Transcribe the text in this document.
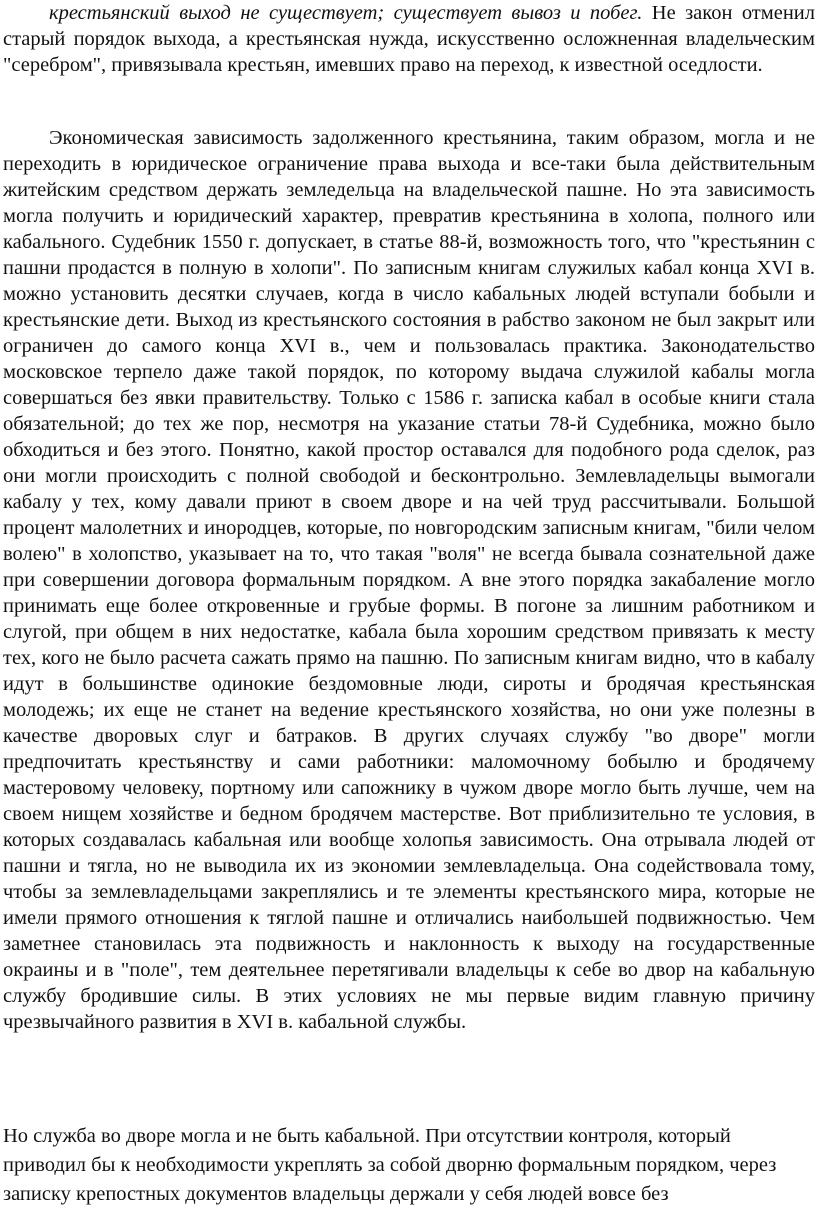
крестьянский выход не существует; существует вывоз и побег. Не закон отменил старый порядок выхода, а крестьянская нужда, искусственно осложненная владельческим "серебром", привязывала крестьян, имевших право на переход, к известной оседлости.

Экономическая зависимость задолженного крестьянина, таким образом, могла и не переходить в юридическое ограничение права выхода и все-таки была действительным житейским средством держать земледельца на владельческой пашне. Но эта зависимость могла получить и юридический характер, превратив крестьянина в холопа, полного или кабального. Судебник 1550 г. допускает, в статье 88-й, возможность того, что "крестьянин с пашни продастся в полную в холопи". По записным книгам служилых кабал конца XVI в. можно установить десятки случаев, когда в число кабальных людей вступали бобыли и крестьянские дети. Выход из крестьянского состояния в рабство законом не был закрыт или ограничен до самого конца XVI в., чем и пользовалась практика. Законодательство московское терпело даже такой порядок, по которому выдача служилой кабалы могла совершаться без явки правительству. Только с 1586 г. записка кабал в особые книги стала обязательной; до тех же пор, несмотря на указание статьи 78-й Судебника, можно было обходиться и без этого. Понятно, какой простор оставался для подобного рода сделок, раз они могли происходить с полной свободой и бесконтрольно. Землевладельцы вымогали кабалу у тех, кому давали приют в своем дворе и на чей труд рассчитывали. Большой процент малолетних и инородцев, которые, по новгородским записным книгам, "били челом волею" в холопство, указывает на то, что такая "воля" не всегда бывала сознательной даже при совершении договора формальным порядком. А вне этого порядка закабаление могло принимать еще более откровенные и грубые формы. В погоне за лишним работником и слугой, при общем в них недостатке, кабала была хорошим средством привязать к месту тех, кого не было расчета сажать прямо на пашню. По записным книгам видно, что в кабалу идут в большинстве одинокие бездомовные люди, сироты и бродячая крестьянская молодежь; их еще не станет на ведение крестьянского хозяйства, но они уже полезны в качестве дворовых слуг и батраков. В других случаях службу "во дворе" могли предпочитать крестьянству и сами работники: маломочному бобылю и бродячему мастеровому человеку, портному или сапожнику в чужом дворе могло быть лучше, чем на своем нищем хозяйстве и бедном бродячем мастерстве. Вот приблизительно те условия, в которых создавалась кабальная или вообще холопья зависимость. Она отрывала людей от пашни и тягла, но не выводила их из экономии землевладельца. Она содействовала тому, чтобы за землевладельцами закреплялись и те элементы крестьянского мира, которые не имели прямого отношения к тяглой пашне и отличались наибольшей подвижностью. Чем заметнее становилась эта подвижность и наклонность к выходу на государственные окраины и в "поле", тем деятельнее перетягивали владельцы к себе во двор на кабальную службу бродившие силы. В этих условиях не мы первые видим главную причину чрезвычайного развития в XVI в. кабальной службы.

Но служба во дворе могла и не быть кабальной. При отсутствии контроля, который приводил бы к необходимости укреплять за собой дворню формальным порядком, через записку крепостных документов владельцы держали у себя людей вовсе без
